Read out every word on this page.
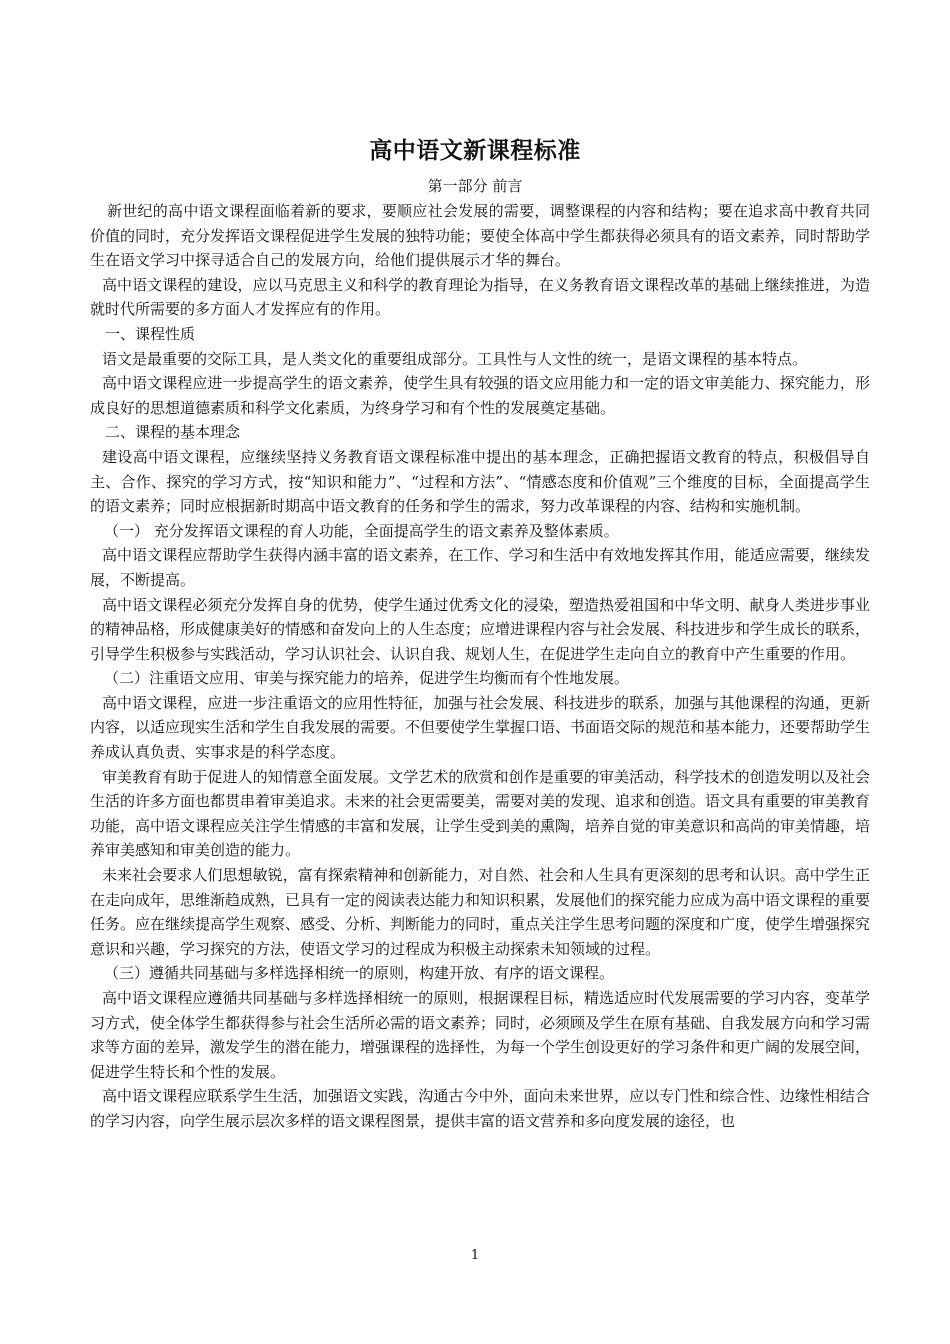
高中语文新课程标准
第一部分 前言

新世纪的高中语文课程面临着新的要求，要顺应社会发展的需要，调整课程的内容和结构；要在追求高中教育共同价值的同时，充分发挥语文课程促进学生发展的独特功能；要使全体高中学生都获得必须具有的语文素养，同时帮助学生在语文学习中探寻适合自己的发展方向，给他们提供展示才华的舞台。

高中语文课程的建设，应以马克思主义和科学的教育理论为指导，在义务教育语文课程改革的基础上继续推进，为造就时代所需要的多方面人才发挥应有的作用。

一、课程性质

语文是最重要的交际工具，是人类文化的重要组成部分。工具性与人文性的统一，是语文课程的基本特点。

高中语文课程应进一步提高学生的语文素养，使学生具有较强的语文应用能力和一定的语文审美能力、探究能力，形成良好的思想道德素质和科学文化素质，为终身学习和有个性的发展奠定基础。

二、课程的基本理念

建设高中语文课程，应继续坚持义务教育语文课程标准中提出的基本理念，正确把握语文教育的特点，积极倡导自主、合作、探究的学习方式，按“知识和能力”、“过程和方法”、“情感态度和价值观”三个维度的目标，全面提高学生的语文素养；同时应根据新时期高中语文教育的任务和学生的需求，努力改革课程的内容、结构和实施机制。

（一） 充分发挥语文课程的育人功能，全面提高学生的语文素养及整体素质。

高中语文课程应帮助学生获得内涵丰富的语文素养，在工作、学习和生活中有效地发挥其作用，能适应需要，继续发展，不断提高。

高中语文课程必须充分发挥自身的优势，使学生通过优秀文化的浸染，塑造热爱祖国和中华文明、献身人类进步事业的精神品格，形成健康美好的情感和奋发向上的人生态度；应增进课程内容与社会发展、科技进步和学生成长的联系，引导学生积极参与实践活动，学习认识社会、认识自我、规划人生，在促进学生走向自立的教育中产生重要的作用。

（二）注重语文应用、审美与探究能力的培养，促进学生均衡而有个性地发展。

高中语文课程，应进一步注重语文的应用性特征，加强与社会发展、科技进步的联系，加强与其他课程的沟通，更新内容，以适应现实生活和学生自我发展的需要。不但要使学生掌握口语、书面语交际的规范和基本能力，还要帮助学生养成认真负责、实事求是的科学态度。

审美教育有助于促进人的知情意全面发展。文学艺术的欣赏和创作是重要的审美活动，科学技术的创造发明以及社会生活的许多方面也都贯串着审美追求。未来的社会更需要美，需要对美的发现、追求和创造。语文具有重要的审美教育功能，高中语文课程应关注学生情感的丰富和发展，让学生受到美的熏陶，培养自觉的审美意识和高尚的审美情趣，培养审美感知和审美创造的能力。

未来社会要求人们思想敏锐，富有探索精神和创新能力，对自然、社会和人生具有更深刻的思考和认识。高中学生正在走向成年，思维渐趋成熟，已具有一定的阅读表达能力和知识积累，发展他们的探究能力应成为高中语文课程的重要任务。应在继续提高学生观察、感受、分析、判断能力的同时，重点关注学生思考问题的深度和广度，使学生增强探究意识和兴趣，学习探究的方法，使语文学习的过程成为积极主动探索未知领域的过程。

（三）遵循共同基础与多样选择相统一的原则，构建开放、有序的语文课程。

高中语文课程应遵循共同基础与多样选择相统一的原则，根据课程目标，精选适应时代发展需要的学习内容，变革学习方式，使全体学生都获得参与社会生活所必需的语文素养；同时，必须顾及学生在原有基础、自我发展方向和学习需求等方面的差异，激发学生的潜在能力，增强课程的选择性，为每一个学生创设更好的学习条件和更广阔的发展空间，促进学生特长和个性的发展。

高中语文课程应联系学生生活，加强语文实践，沟通古今中外，面向未来世界，应以专门性和综合性、边缘性相结合的学习内容，向学生展示层次多样的语文课程图景，提供丰富的语文营养和多向度发展的途径，也

1
